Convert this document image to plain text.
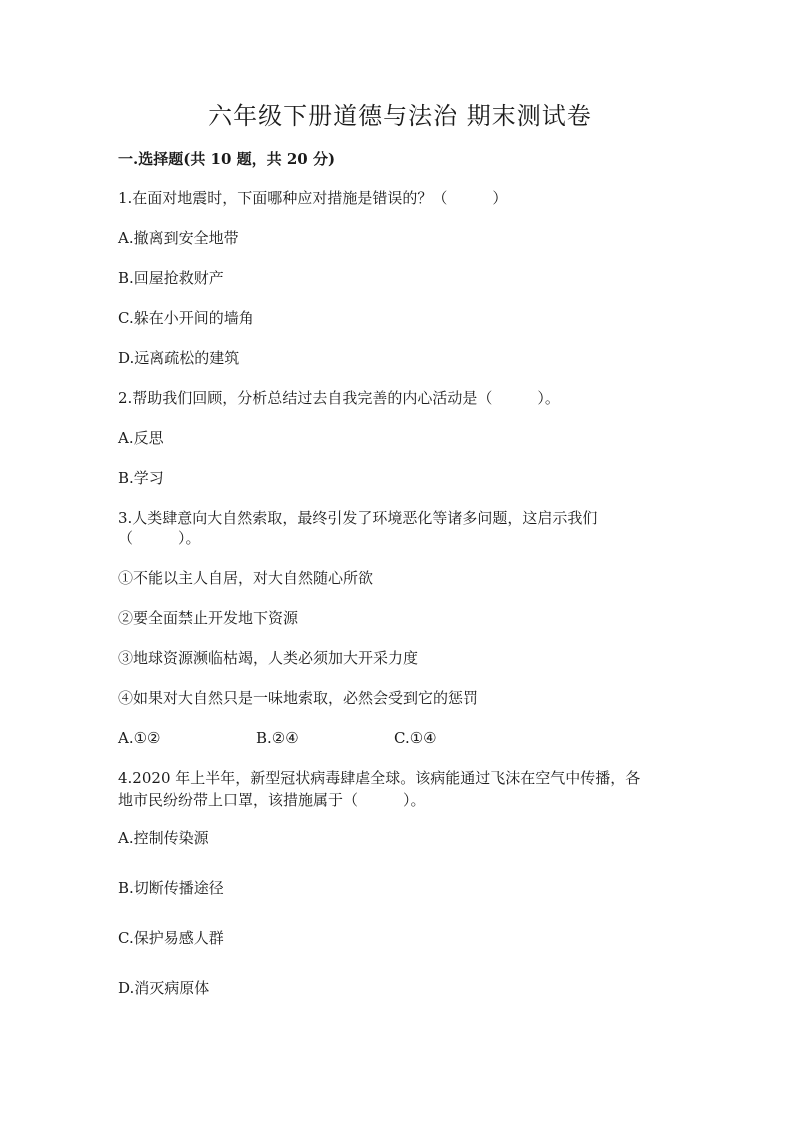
六年级下册道德与法治 期末测试卷

一.选择题(共 10 题，共 20 分)

1.在面对地震时，下面哪种应对措施是错误的？（　　　）

A.撤离到安全地带

B.回屋抢救财产

C.躲在小开间的墙角

D.远离疏松的建筑

2.帮助我们回顾，分析总结过去自我完善的内心活动是（　　　）。

A.反思

B.学习

3.人类肆意向大自然索取，最终引发了环境恶化等诸多问题，这启示我们

（　　　）。

①不能以主人自居，对大自然随心所欲

②要全面禁止开发地下资源

③地球资源濒临枯竭，人类必须加大开采力度

④如果对大自然只是一味地索取，必然会受到它的惩罚

A.①②	B.②④	C.①④

4.2020 年上半年，新型冠状病毒肆虐全球。该病能通过飞沫在空气中传播，各

地市民纷纷带上口罩，该措施属于（　　　）。

A.控制传染源

B.切断传播途径

C.保护易感人群

D.消灭病原体
